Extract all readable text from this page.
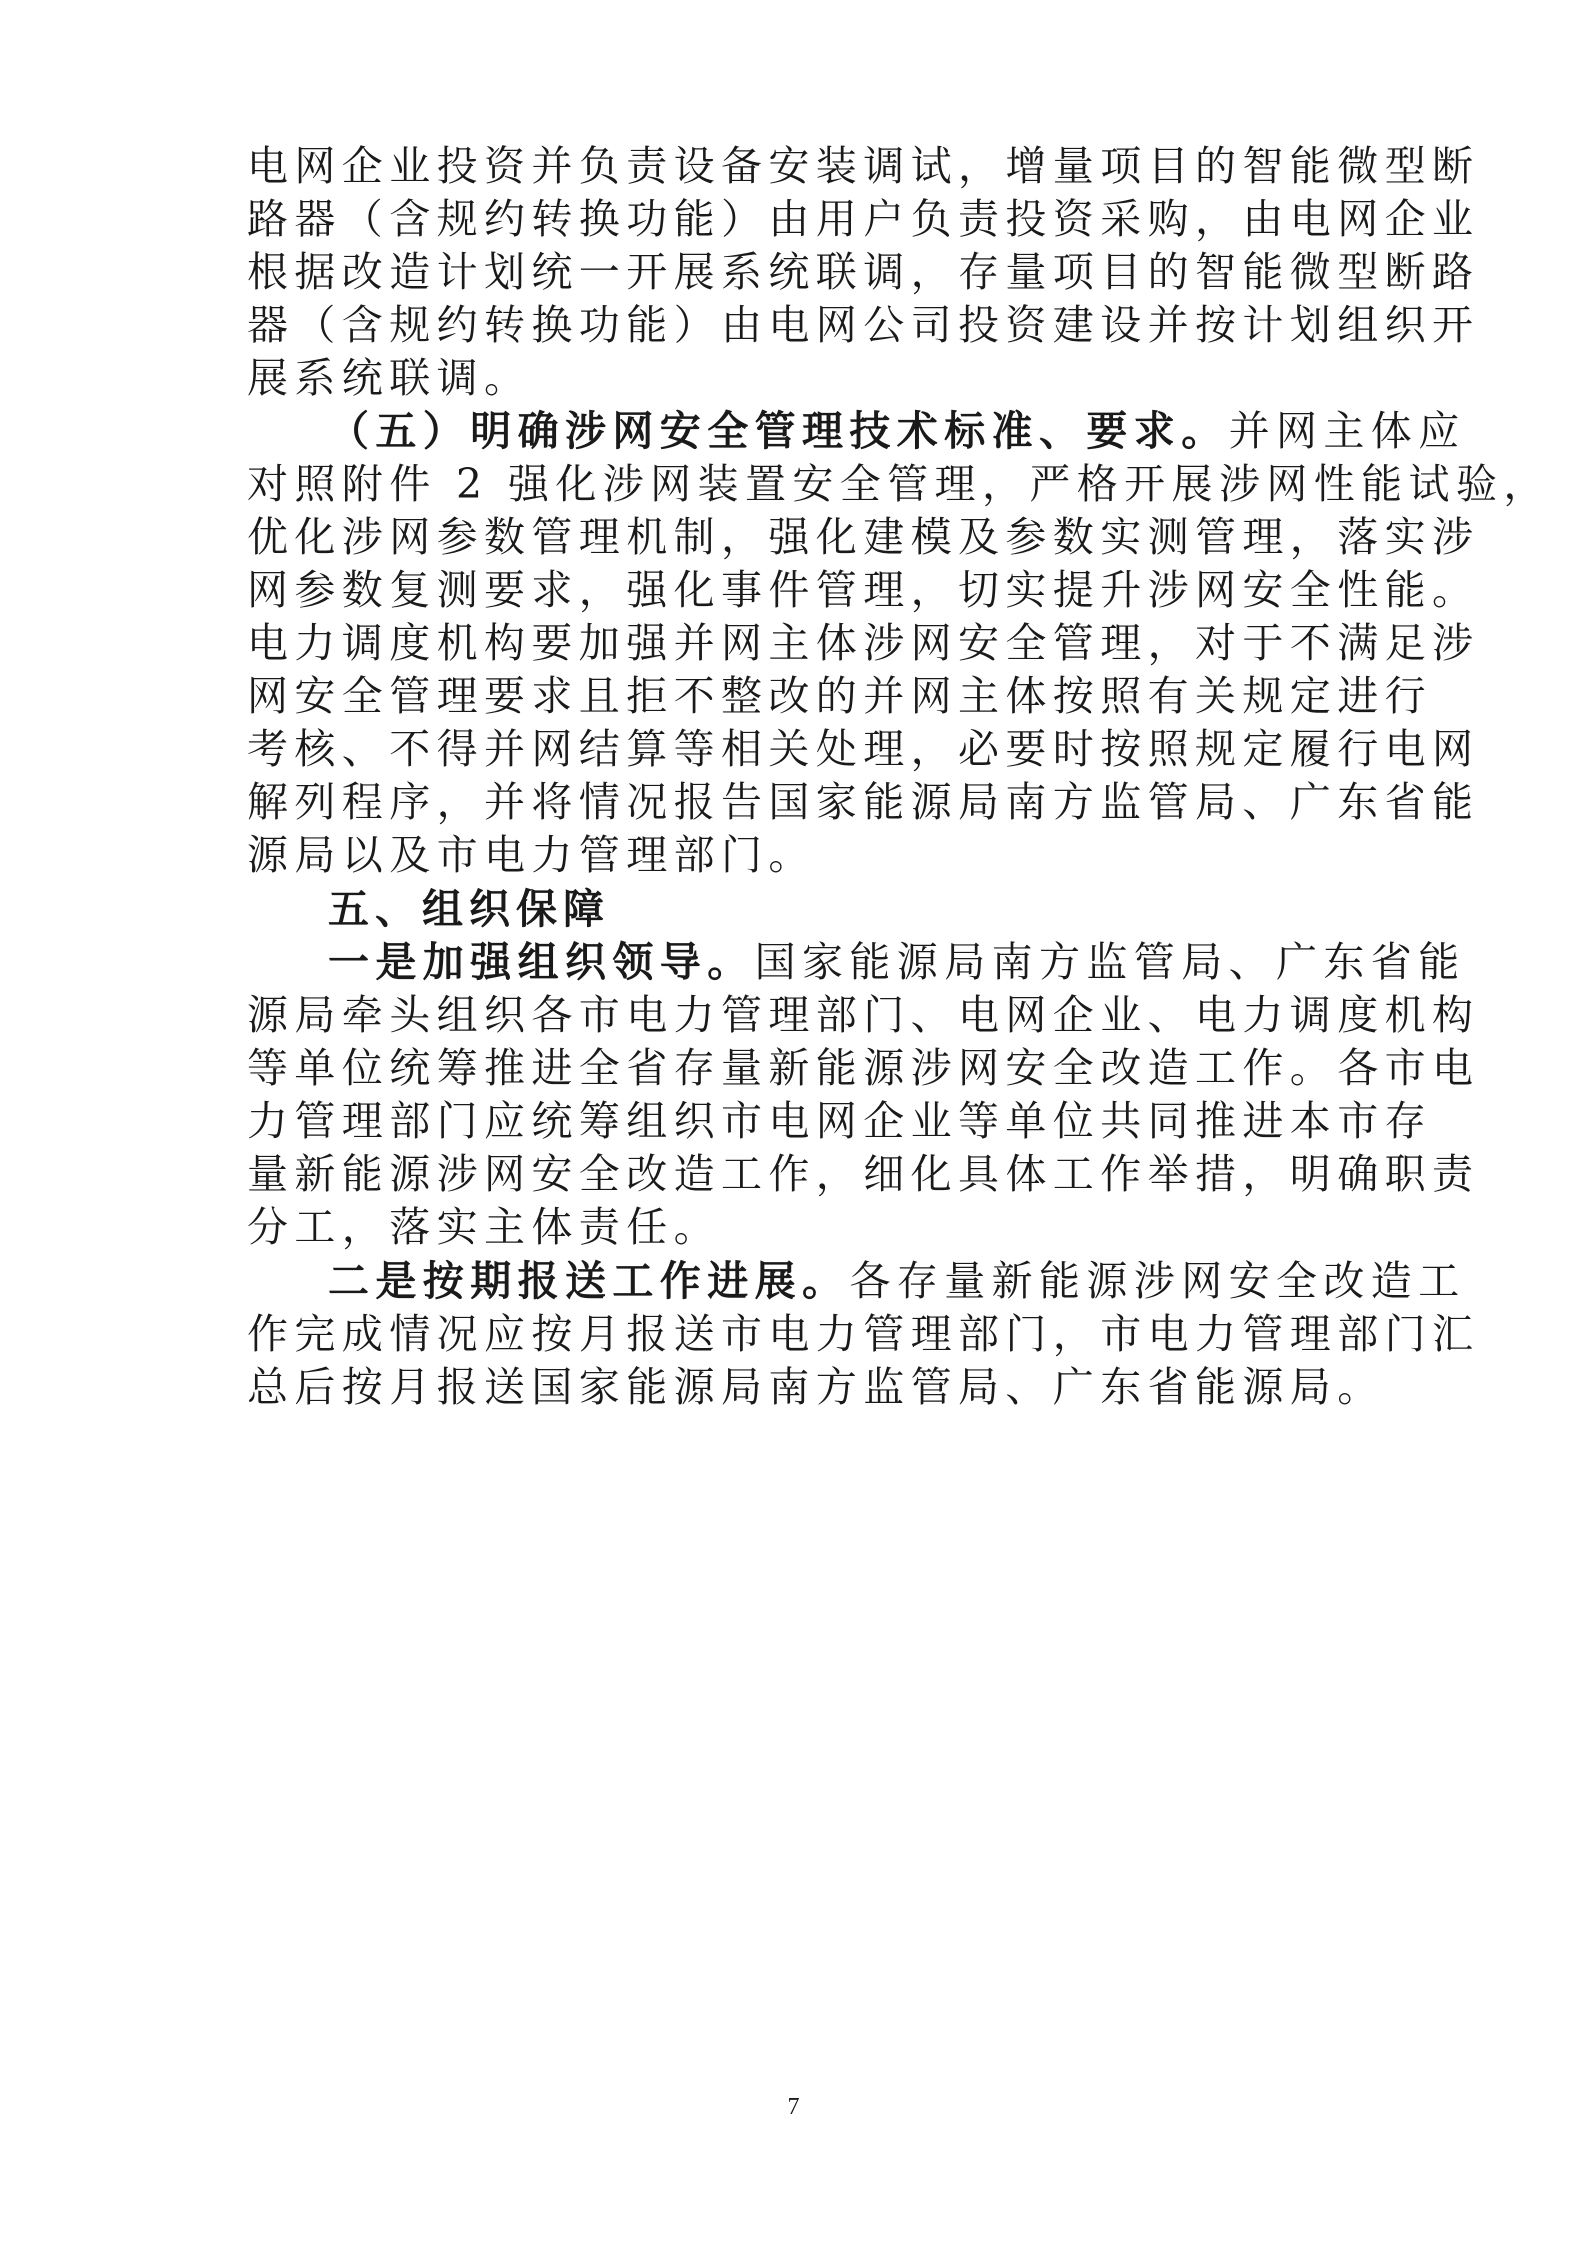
电网企业投资并负责设备安装调试，增量项目的智能微型断
路器（含规约转换功能）由用户负责投资采购，由电网企业
根据改造计划统一开展系统联调，存量项目的智能微型断路
器（含规约转换功能）由电网公司投资建设并按计划组织开
展系统联调。
（五）明确涉网安全管理技术标准、要求。并网主体应
对照附件 2 强化涉网装置安全管理，严格开展涉网性能试验，
优化涉网参数管理机制，强化建模及参数实测管理，落实涉
网参数复测要求，强化事件管理，切实提升涉网安全性能。
电力调度机构要加强并网主体涉网安全管理，对于不满足涉
网安全管理要求且拒不整改的并网主体按照有关规定进行
考核、不得并网结算等相关处理，必要时按照规定履行电网
解列程序，并将情况报告国家能源局南方监管局、广东省能
源局以及市电力管理部门。
五、组织保障
一是加强组织领导。国家能源局南方监管局、广东省能
源局牵头组织各市电力管理部门、电网企业、电力调度机构
等单位统筹推进全省存量新能源涉网安全改造工作。各市电
力管理部门应统筹组织市电网企业等单位共同推进本市存
量新能源涉网安全改造工作，细化具体工作举措，明确职责
分工，落实主体责任。
二是按期报送工作进展。各存量新能源涉网安全改造工
作完成情况应按月报送市电力管理部门，市电力管理部门汇
总后按月报送国家能源局南方监管局、广东省能源局。
7
